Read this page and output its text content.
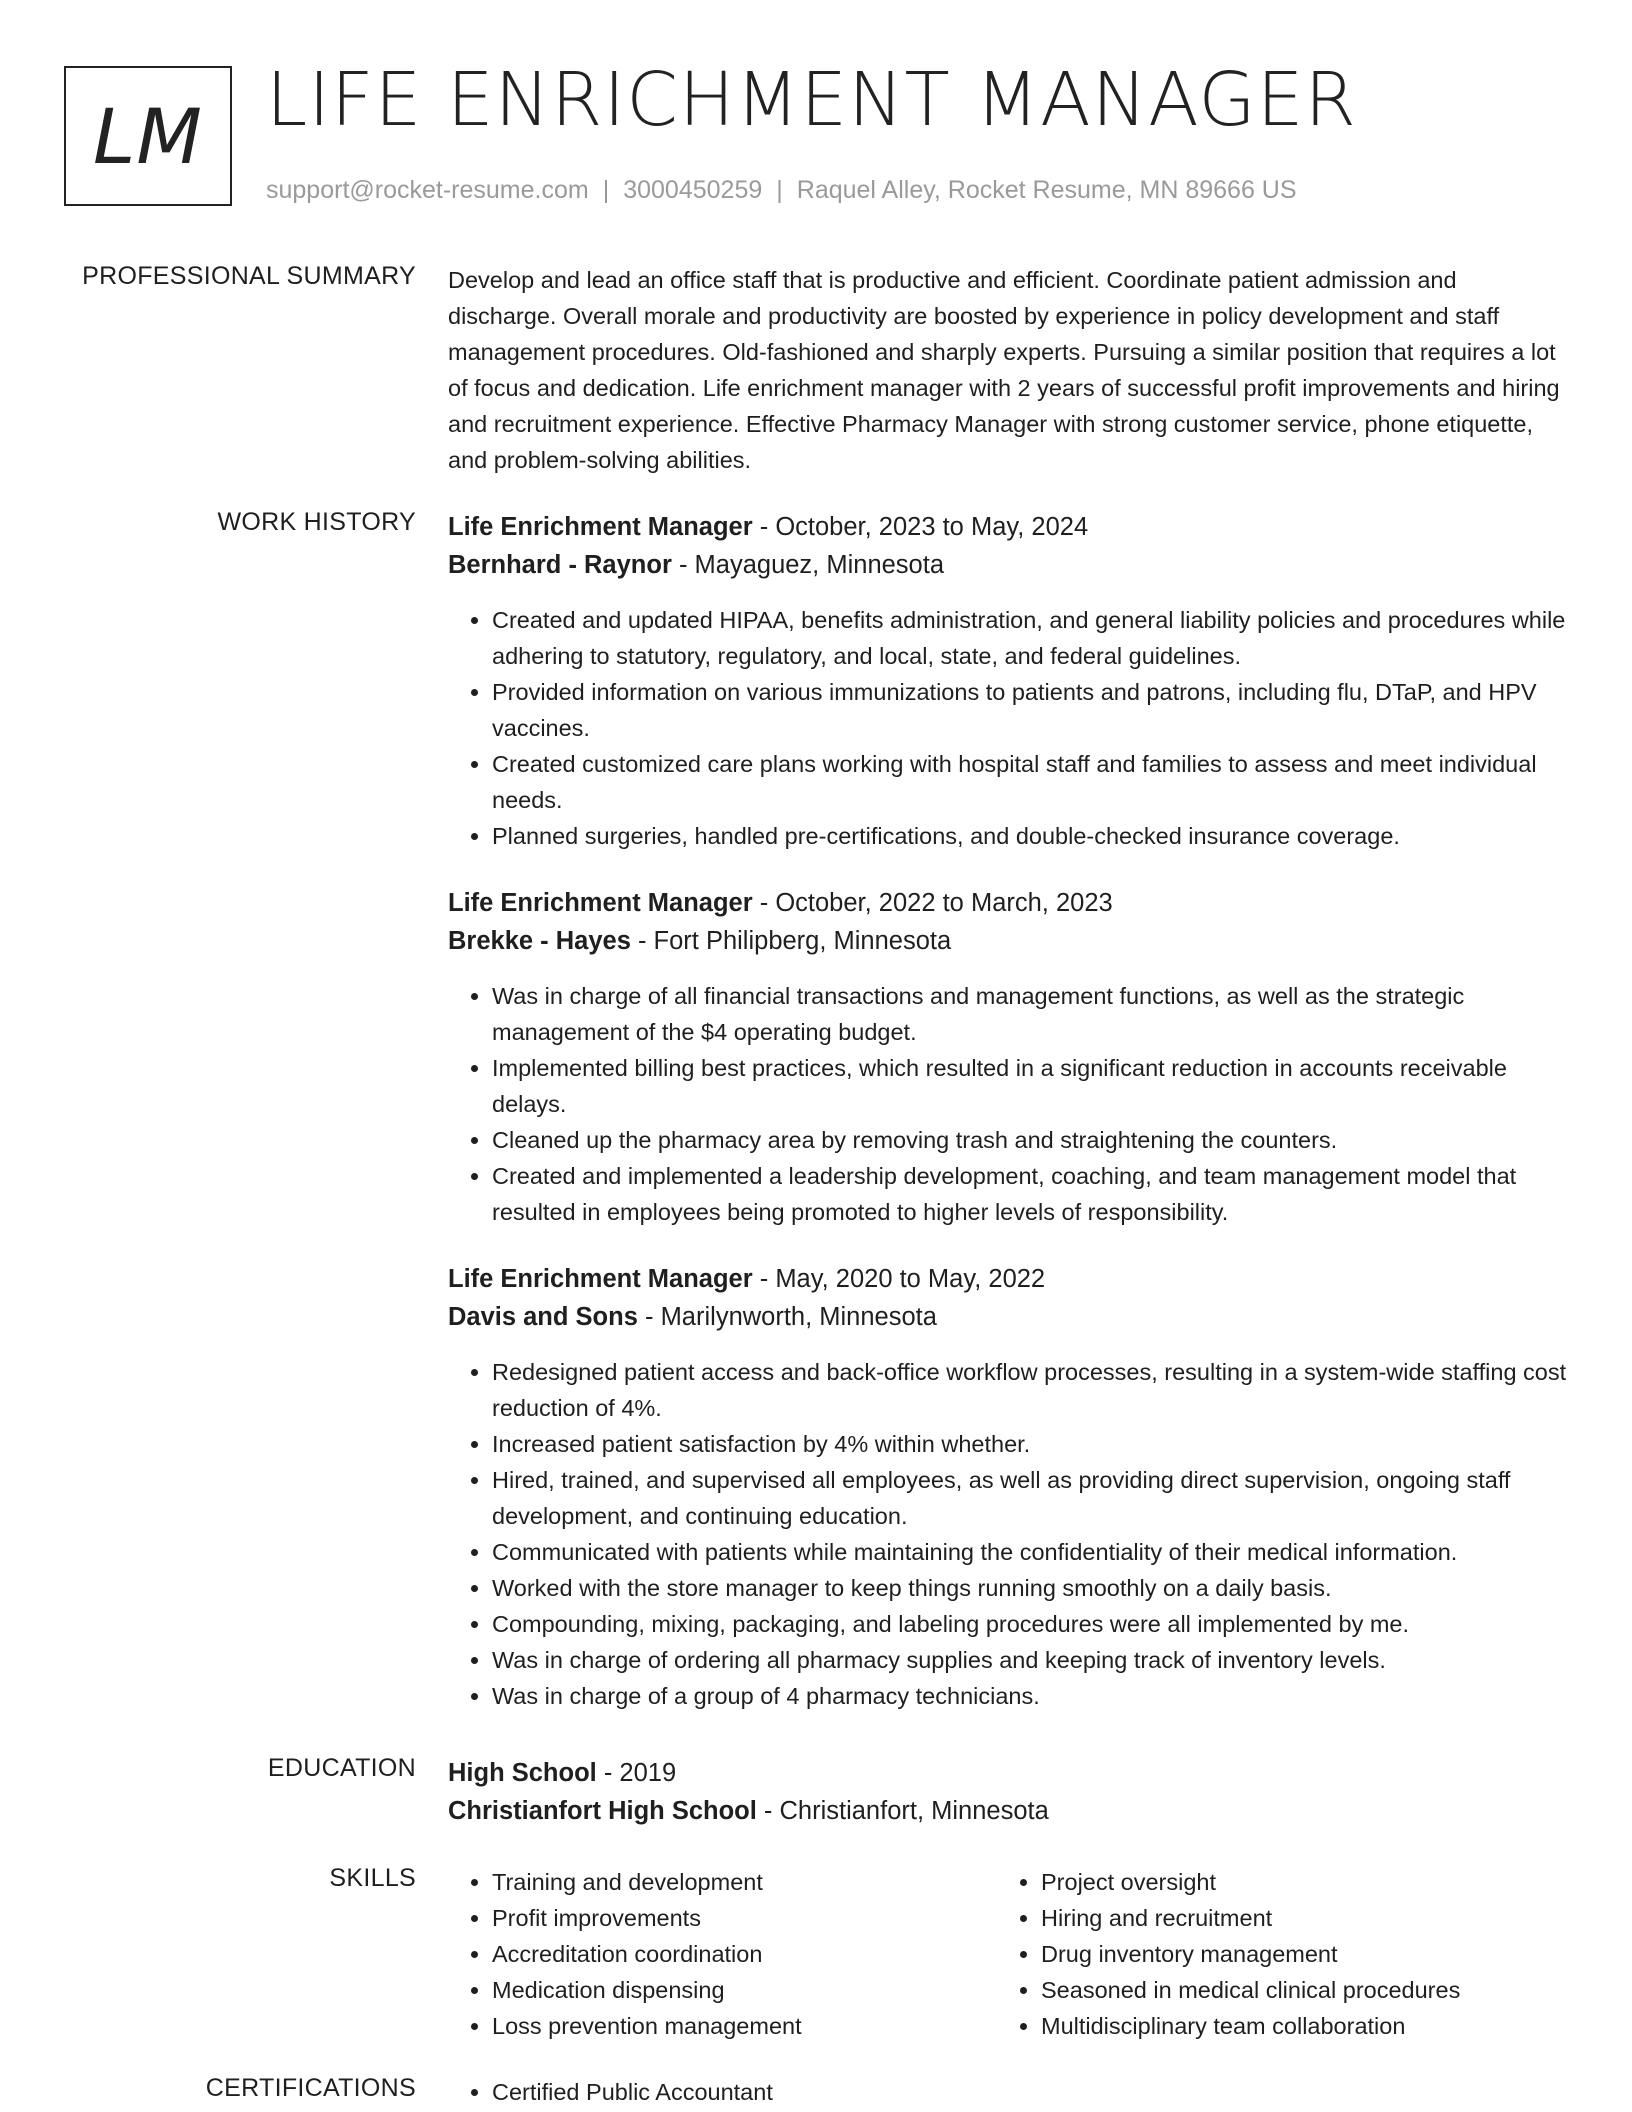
LM LIFE ENRICHMENT MANAGER
support@rocket-resume.com | 3000450259 | Raquel Alley, Rocket Resume, MN 89666 US
PROFESSIONAL SUMMARY Develop and lead an office staff that is productive and efficient. Coordinate patient admission and discharge. Overall morale and productivity are boosted by experience in policy development and staff management procedures. Old-fashioned and sharply experts. Pursuing a similar position that requires a lot of focus and dedication. Life enrichment manager with 2 years of successful profit improvements and hiring and recruitment experience. Effective Pharmacy Manager with strong customer service, phone etiquette, and problem-solving abilities.

WORK HISTORY Life Enrichment Manager - October, 2023 to May, 2024
Bernhard - Raynor - Mayaguez, Minnesota
• Created and updated HIPAA, benefits administration, and general liability policies and procedures while adhering to statutory, regulatory, and local, state, and federal guidelines.
• Provided information on various immunizations to patients and patrons, including flu, DTaP, and HPV vaccines.
• Created customized care plans working with hospital staff and families to assess and meet individual needs.
• Planned surgeries, handled pre-certifications, and double-checked insurance coverage.
Life Enrichment Manager - October, 2022 to March, 2023
Brekke - Hayes - Fort Philipberg, Minnesota
• Was in charge of all financial transactions and management functions, as well as the strategic management of the $4 operating budget.
• Implemented billing best practices, which resulted in a significant reduction in accounts receivable delays.
• Cleaned up the pharmacy area by removing trash and straightening the counters.
• Created and implemented a leadership development, coaching, and team management model that resulted in employees being promoted to higher levels of responsibility.
Life Enrichment Manager - May, 2020 to May, 2022
Davis and Sons - Marilynworth, Minnesota
• Redesigned patient access and back-office workflow processes, resulting in a system-wide staffing cost reduction of 4%.
• Increased patient satisfaction by 4% within whether.
• Hired, trained, and supervised all employees, as well as providing direct supervision, ongoing staff development, and continuing education.
• Communicated with patients while maintaining the confidentiality of their medical information.
• Worked with the store manager to keep things running smoothly on a daily basis.
• Compounding, mixing, packaging, and labeling procedures were all implemented by me.
• Was in charge of ordering all pharmacy supplies and keeping track of inventory levels.
• Was in charge of a group of 4 pharmacy technicians.
EDUCATION High School - 2019
Christianfort High School - Christianfort, Minnesota
SKILLS	• Training and development
• Profit improvements
• Accreditation coordination
• Medication dispensing
• Loss prevention management
• Project oversight
• Hiring and recruitment
• Drug inventory management
• Seasoned in medical clinical procedures
• Multidisciplinary team collaboration
CERTIFICATIONS	• Certified Public Accountant
